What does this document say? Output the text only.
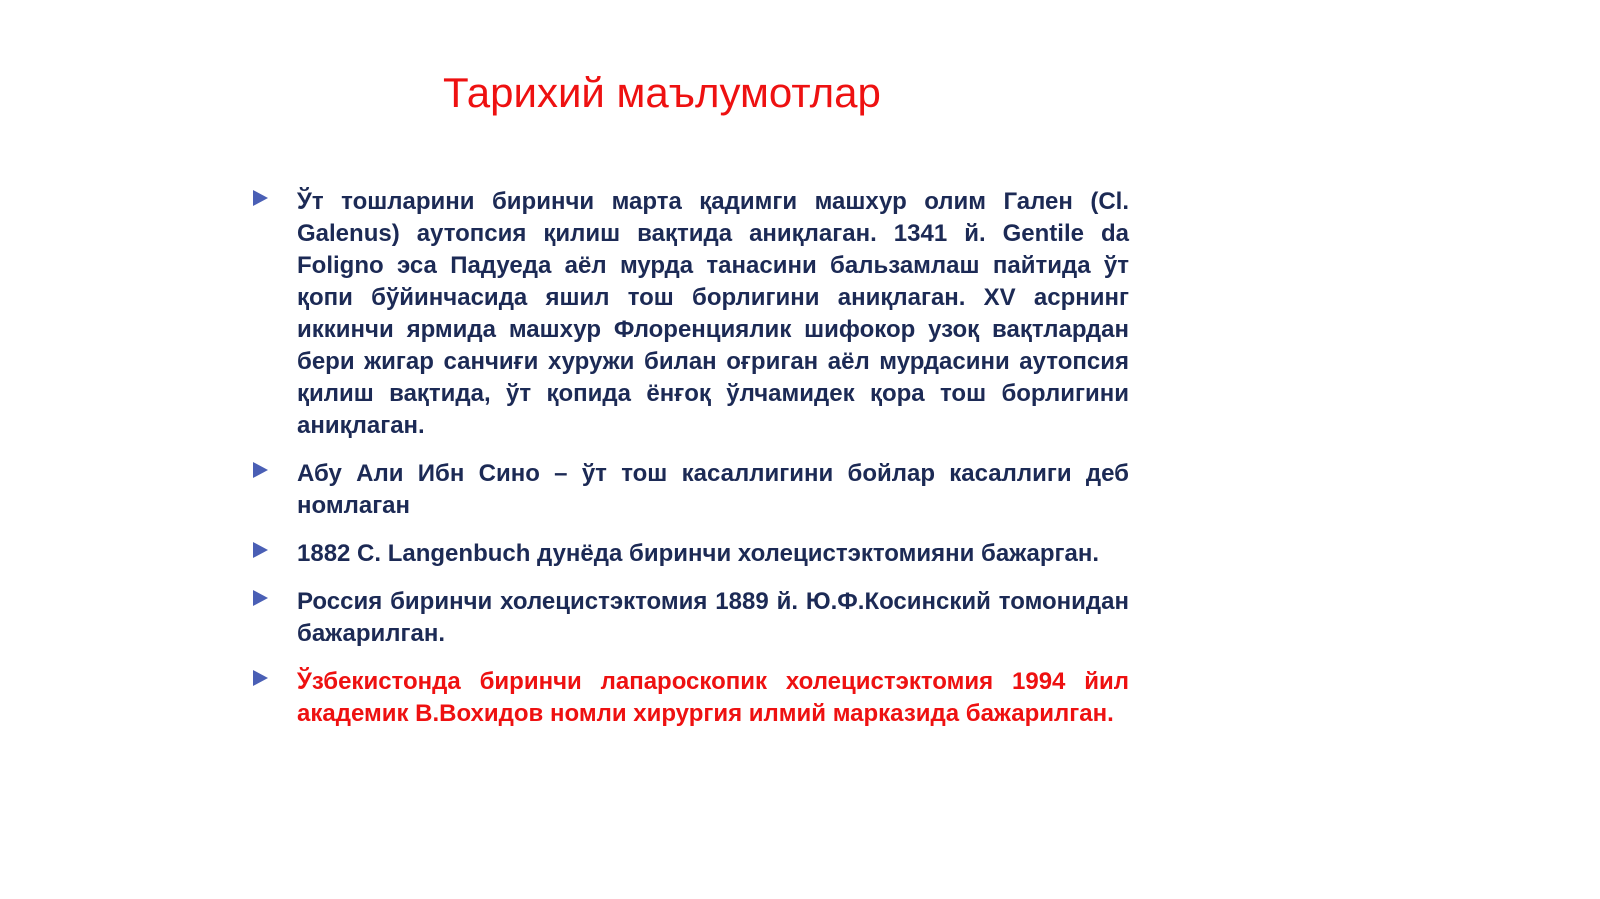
Тарихий маълумотлар
Ўт тошларини биринчи марта қадимги машхур олим Гален (Cl. Galenus) аутопсия қилиш вақтида аниқлаган. 1341 й. Gentile da Foligno эса Падуеда аёл мурда танасини бальзамлаш пайтида ўт қопи бўйинчасида яшил тош борлигини аниқлаган. XV асрнинг иккинчи ярмида машхур Флоренциялик шифокор узоқ вақтлардан бери жигар санчиғи хуружи билан оғриган аёл мурдасини аутопсия қилиш вақтида, ўт қопида ёнғоқ ўлчамидек қора тош борлигини аниқлаган.
Абу Али Ибн Сино – ўт тош касаллигини бойлар касаллиги деб номлаган
1882 C. Langenbuch дунёда биринчи холецистэктомияни бажарган.
Россия биринчи холецистэктомия 1889 й. Ю.Ф.Косинский томонидан бажарилган.
Ўзбекистонда биринчи лапароскопик холецистэктомия 1994 йил академик В.Вохидов номли хирургия илмий марказида бажарилган.
